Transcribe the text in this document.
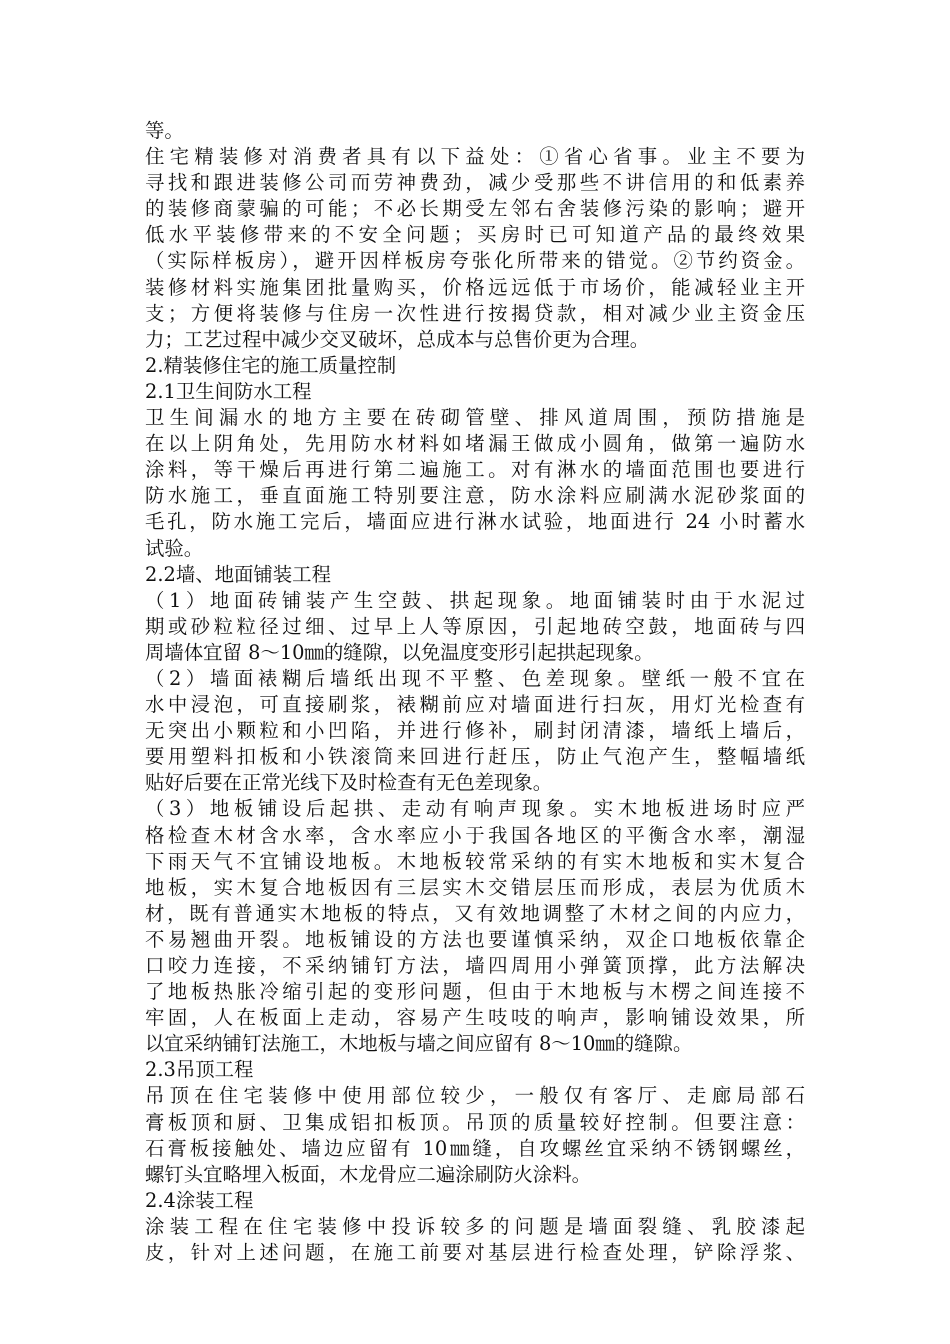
等。

住宅精装修对消费者具有以下益处：①省心省事。业主不要为

寻找和跟进装修公司而劳神费劲，减少受那些不讲信用的和低素养

的装修商蒙骗的可能；不必长期受左邻右舍装修污染的影响；避开

低水平装修带来的不安全问题；买房时已可知道产品的最终效果

（实际样板房），避开因样板房夸张化所带来的错觉。②节约资金。

装修材料实施集团批量购买，价格远远低于市场价，能减轻业主开

支；方便将装修与住房一次性进行按揭贷款，相对减少业主资金压

力；工艺过程中减少交叉破坏，总成本与总售价更为合理。

2.精装修住宅的施工质量控制

2.1卫生间防水工程

卫生间漏水的地方主要在砖砌管壁、排风道周围，预防措施是

在以上阴角处，先用防水材料如堵漏王做成小圆角，做第一遍防水

涂料，等干燥后再进行第二遍施工。对有淋水的墙面范围也要进行

防水施工，垂直面施工特别要注意，防水涂料应刷满水泥砂浆面的

毛孔，防水施工完后，墙面应进行淋水试验，地面进行 24 小时蓄水

试验。

2.2墙、地面铺装工程

（1）地面砖铺装产生空鼓、拱起现象。地面铺装时由于水泥过

期或砂粒粒径过细、过早上人等原因，引起地砖空鼓，地面砖与四

周墙体宜留 8～10㎜的缝隙，以免温度变形引起拱起现象。

（2）墙面裱糊后墙纸出现不平整、色差现象。壁纸一般不宜在

水中浸泡，可直接刷浆，裱糊前应对墙面进行扫灰，用灯光检查有

无突出小颗粒和小凹陷，并进行修补，刷封闭清漆，墙纸上墙后，

要用塑料扣板和小铁滚筒来回进行赶压，防止气泡产生，整幅墙纸

贴好后要在正常光线下及时检查有无色差现象。

（3）地板铺设后起拱、走动有响声现象。实木地板进场时应严

格检查木材含水率，含水率应小于我国各地区的平衡含水率，潮湿

下雨天气不宜铺设地板。木地板较常采纳的有实木地板和实木复合

地板，实木复合地板因有三层实木交错层压而形成，表层为优质木

材，既有普通实木地板的特点，又有效地调整了木材之间的内应力，

不易翘曲开裂。地板铺设的方法也要谨慎采纳，双企口地板依靠企

口咬力连接，不采纳铺钉方法，墙四周用小弹簧顶撑，此方法解决

了地板热胀冷缩引起的变形问题，但由于木地板与木楞之间连接不

牢固，人在板面上走动，容易产生吱吱的响声，影响铺设效果，所

以宜采纳铺钉法施工，木地板与墙之间应留有 8～10㎜的缝隙。

2.3吊顶工程

吊顶在住宅装修中使用部位较少，一般仅有客厅、走廊局部石

膏板顶和厨、卫集成铝扣板顶。吊顶的质量较好控制。但要注意：

石膏板接触处、墙边应留有 10㎜缝，自攻螺丝宜采纳不锈钢螺丝，

螺钉头宜略埋入板面，木龙骨应二遍涂刷防火涂料。

2.4涂装工程

涂装工程在住宅装修中投诉较多的问题是墙面裂缝、乳胶漆起

皮，针对上述问题，在施工前要对基层进行检查处理，铲除浮浆、
